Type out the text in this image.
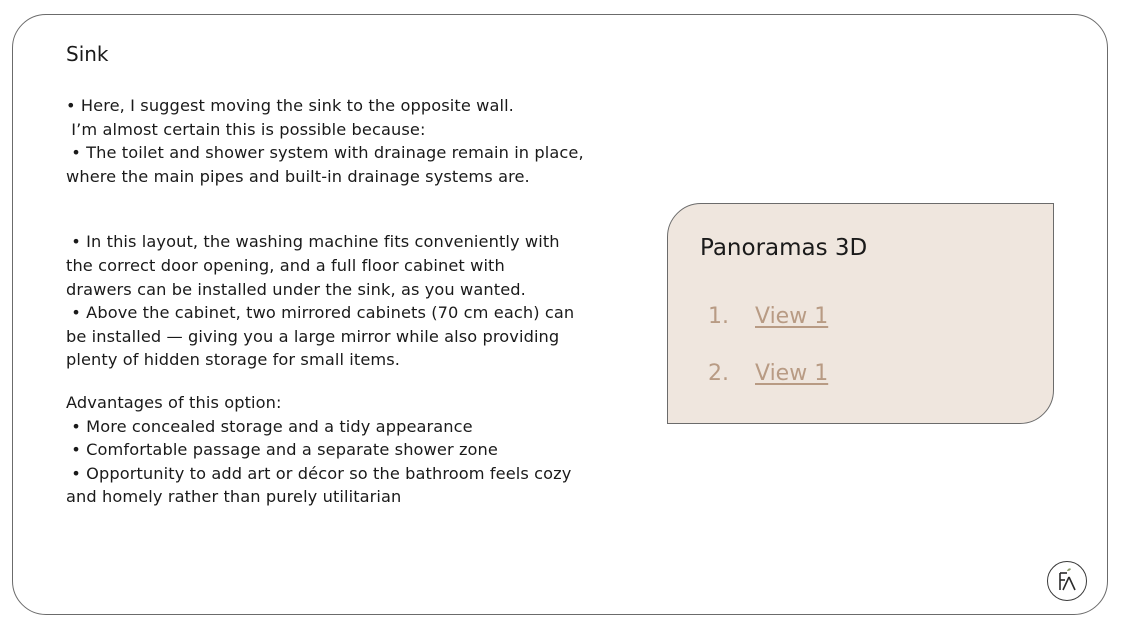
Sink
• Here, I suggest moving the sink to the opposite wall.
I’m almost certain this is possible because:
• The toilet and shower system with drainage remain in place,
where the main pipes and built-in drainage systems are.
• In this layout, the washing machine fits conveniently with
the correct door opening, and a full floor cabinet with
drawers can be installed under the sink, as you wanted.
• Above the cabinet, two mirrored cabinets (70 cm each) can
be installed — giving you a large mirror while also providing
plenty of hidden storage for small items.
Advantages of this option:
• More concealed storage and a tidy appearance
• Comfortable passage and a separate shower zone
• Opportunity to add art or décor so the bathroom feels cozy
and homely rather than purely utilitarian
Panoramas 3D
1.	View 1
2.	View 1
